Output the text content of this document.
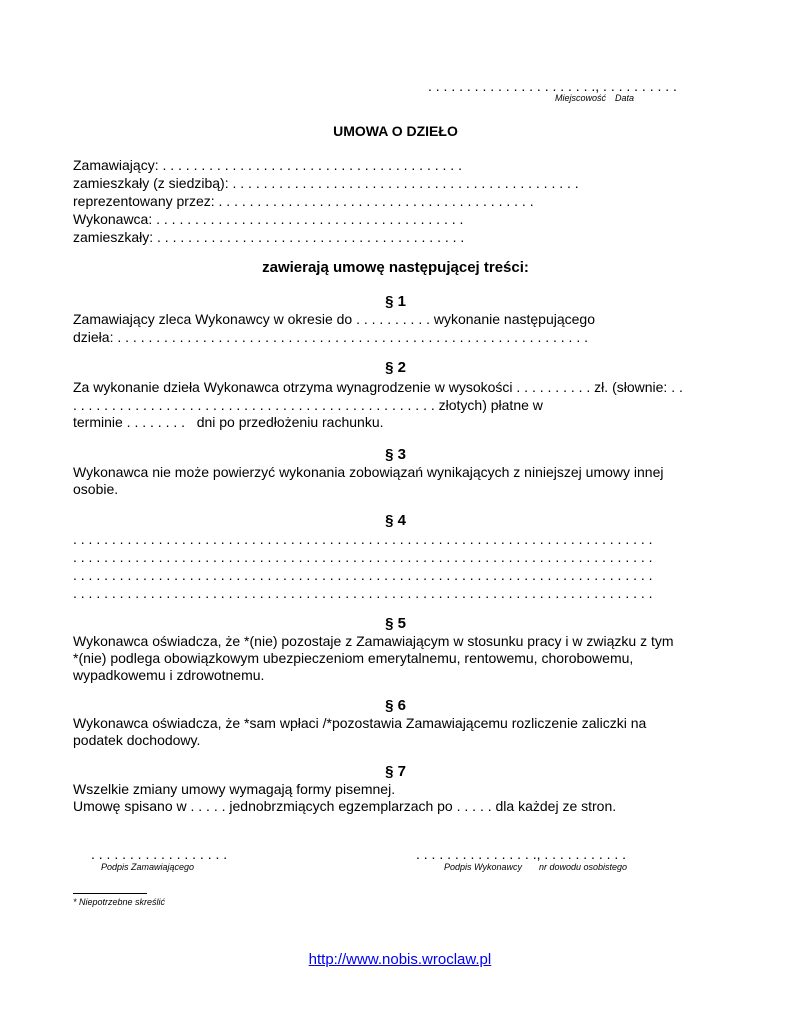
. . . . . . . . . . . . . . . . . . . . . ., . . . . . . . . . .
Miejscowość Data
UMOWA O DZIEŁO
Zamawiający: . . . . . . . . . . . . . . . . . . . . . . . . . . . . . . . . . . . . . . .
zamieszkały (z siedzibą): . . . . . . . . . . . . . . . . . . . . . . . . . . . . . . . . . . . . . . . . . . . . .
reprezentowany przez: . . . . . . . . . . . . . . . . . . . . . . . . . . . . . . . . . . . . . . . . .
Wykonawca: . . . . . . . . . . . . . . . . . . . . . . . . . . . . . . . . . . . . . . . .
zamieszkały: . . . . . . . . . . . . . . . . . . . . . . . . . . . . . . . . . . . . . . . .
zawierają umowę następującej treści:
§ 1
Zamawiający zleca Wykonawcy w okresie do . . . . . . . . . . wykonanie następującego
dzieła: . . . . . . . . . . . . . . . . . . . . . . . . . . . . . . . . . . . . . . . . . . . . . . . . . . . . . . . . . . . . .
§ 2
Za wykonanie dzieła Wykonawca otrzyma wynagrodzenie w wysokości . . . . . . . . . . zł. (słownie: . .
. . . . . . . . . . . . . . . . . . . . . . . . . . . . . . . . . . . . . . . . . . . . . . . złotych) płatne w
terminie . . . . . . . .   dni po przedłożeniu rachunku.
§ 3
Wykonawca nie może powierzyć wykonania zobowiązań wynikających z niniejszej umowy innej
osobie.
§ 4
. . . . . . . . . . . . . . . . . . . . . . . . . . . . . . . . . . . . . . . . . . . . . . . . . . . . . . . . . . . . . . . . . . . . . . . . . . .
. . . . . . . . . . . . . . . . . . . . . . . . . . . . . . . . . . . . . . . . . . . . . . . . . . . . . . . . . . . . . . . . . . . . . . . . . . .
. . . . . . . . . . . . . . . . . . . . . . . . . . . . . . . . . . . . . . . . . . . . . . . . . . . . . . . . . . . . . . . . . . . . . . . . . . .
. . . . . . . . . . . . . . . . . . . . . . . . . . . . . . . . . . . . . . . . . . . . . . . . . . . . . . . . . . . . . . . . . . . . . . . . . . .
§ 5
Wykonawca oświadcza, że *(nie) pozostaje z Zamawiającym w stosunku pracy i w związku z tym
*(nie) podlega obowiązkowym ubezpieczeniom emerytalnemu, rentowemu, chorobowemu,
wypadkowemu i zdrowotnemu.
§ 6
Wykonawca oświadcza, że *sam wpłaci /*pozostawia Zamawiającemu rozliczenie zaliczki na
podatek dochodowy.
§ 7
Wszelkie zmiany umowy wymagają formy pisemnej.
Umowę spisano w . . . . . jednobrzmiących egzemplarzach po . . . . . dla każdej ze stron.
. . . . . . . . . . . . . . . . . .
Podpis Zamawiającego
. . . . . . . . . . . . . . . ., . . . . . . . . . . .
Podpis Wykonawcy nr dowodu osobistego
* Niepotrzebne skreślić

http://www.nobis.wroclaw.pl
